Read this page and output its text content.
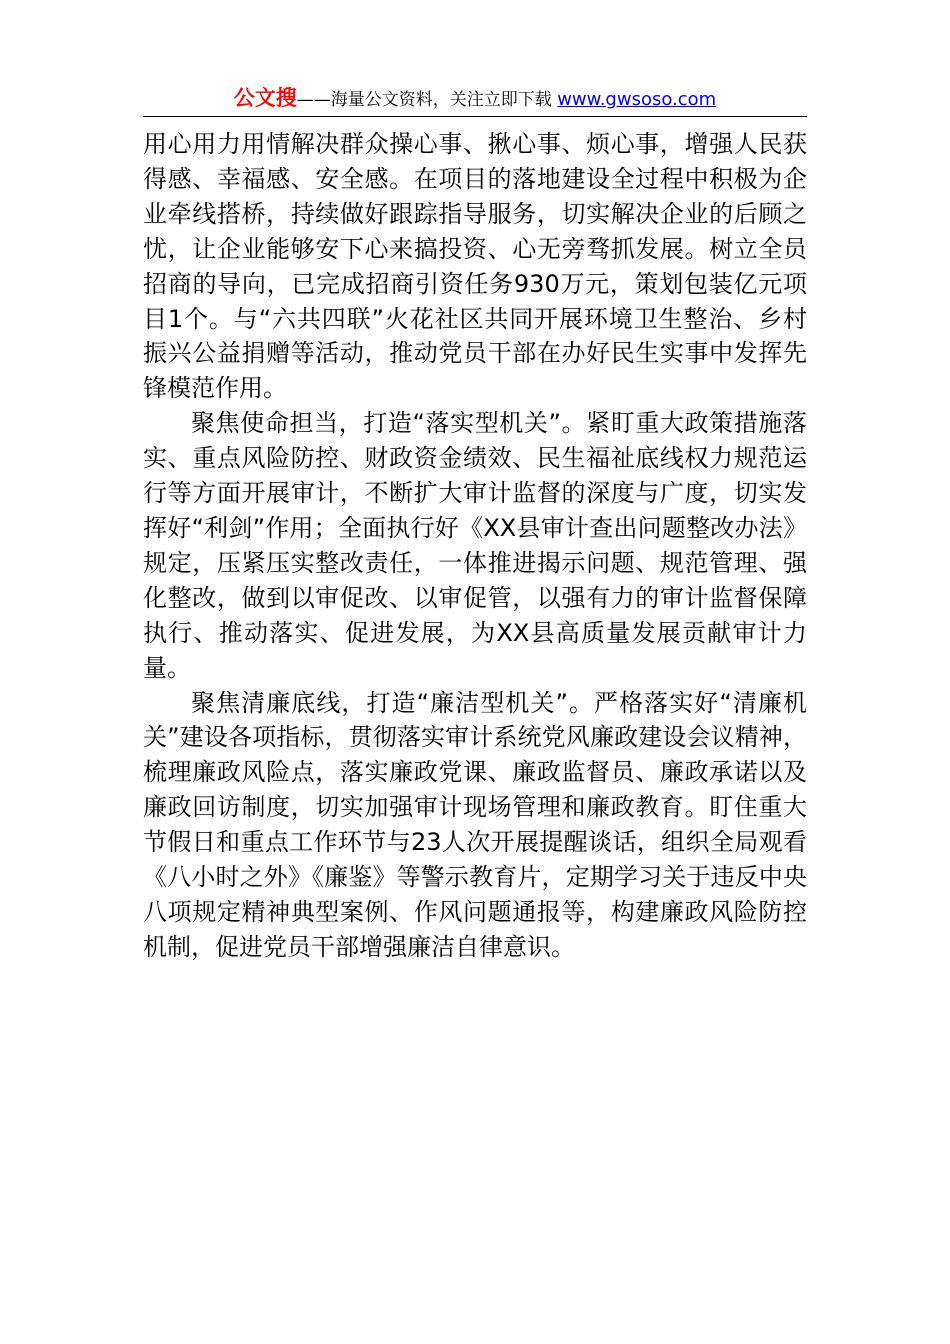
公文搜——海量公文资料，关注立即下载 www.gwsoso.com

用心用力用情解决群众操心事、揪心事、烦心事，增强人民获得感、幸福感、安全感。在项目的落地建设全过程中积极为企业牵线搭桥，持续做好跟踪指导服务，切实解决企业的后顾之忧，让企业能够安下心来搞投资、心无旁骛抓发展。树立全员招商的导向，已完成招商引资任务930万元，策划包装亿元项目1个。与“六共四联”火花社区共同开展环境卫生整治、乡村振兴公益捐赠等活动，推动党员干部在办好民生实事中发挥先锋模范作用。

聚焦使命担当，打造“落实型机关”。紧盯重大政策措施落实、重点风险防控、财政资金绩效、民生福祉底线权力规范运行等方面开展审计，不断扩大审计监督的深度与广度，切实发挥好“利剑”作用；全面执行好《XX县审计查出问题整改办法》规定，压紧压实整改责任，一体推进揭示问题、规范管理、强化整改，做到以审促改、以审促管，以强有力的审计监督保障执行、推动落实、促进发展，为XX县高质量发展贡献审计力量。

聚焦清廉底线，打造“廉洁型机关”。严格落实好“清廉机关”建设各项指标，贯彻落实审计系统党风廉政建设会议精神，梳理廉政风险点，落实廉政党课、廉政监督员、廉政承诺以及廉政回访制度，切实加强审计现场管理和廉政教育。盯住重大节假日和重点工作环节与23人次开展提醒谈话，组织全局观看《八小时之外》《廉鉴》等警示教育片，定期学习关于违反中央八项规定精神典型案例、作风问题通报等，构建廉政风险防控机制，促进党员干部增强廉洁自律意识。
